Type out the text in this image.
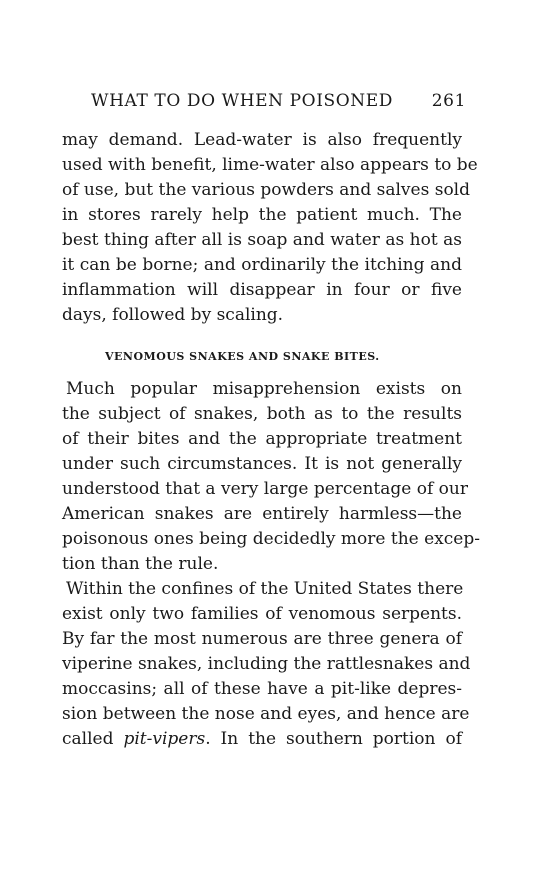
WHAT TO DO WHEN POISONED 261
may demand. Lead-water is also frequently
used with benefit, lime-water also appears to be
of use, but the various powders and salves sold
in stores rarely help the patient much. The
best thing after all is soap and water as hot as
it can be borne; and ordinarily the itching and
inflammation will disappear in four or five
days, followed by scaling.
VENOMOUS SNAKES AND SNAKE BITES.
Much popular misapprehension exists on
the subject of snakes, both as to the results
of their bites and the appropriate treatment
under such circumstances. It is not generally
understood that a very large percentage of our
American snakes are entirely harmless—the
poisonous ones being decidedly more the excep-
tion than the rule.
Within the confines of the United States there
exist only two families of venomous serpents.
By far the most numerous are three genera of
viperine snakes, including the rattlesnakes and
moccasins; all of these have a pit-like depres-
sion between the nose and eyes, and hence are
called pit-vipers. In the southern portion of
